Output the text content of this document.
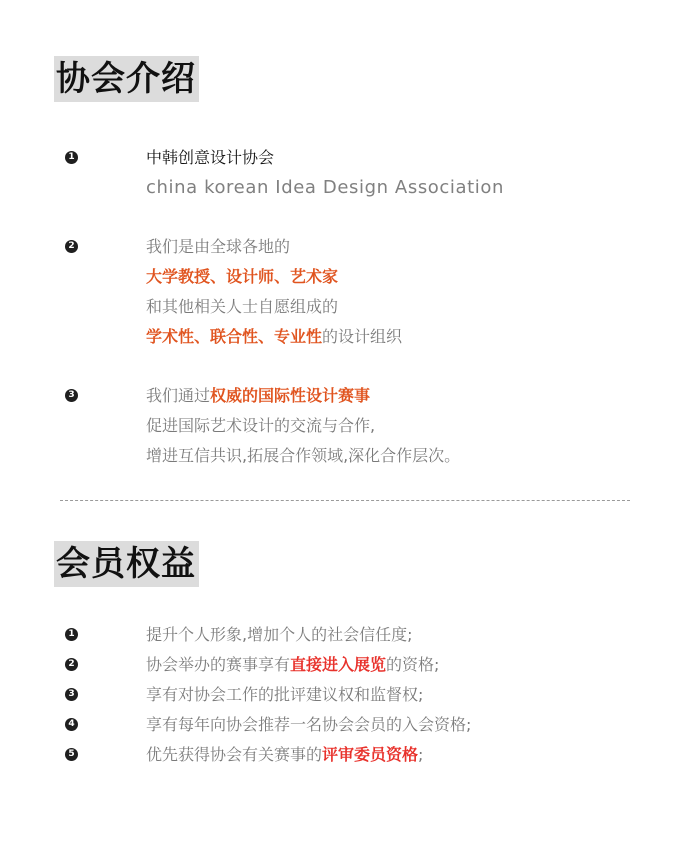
协会介绍
1	中韩创意设计协会
china korean Idea Design Association
2	我们是由全球各地的
大学教授、设计师、艺术家
和其他相关人士自愿组成的
学术性、联合性、专业性的设计组织
3	我们通过权威的国际性设计赛事
促进国际艺术设计的交流与合作,
增进互信共识,拓展合作领域,深化合作层次。
会员权益
1	提升个人形象,增加个人的社会信任度;
2	协会举办的赛事享有直接进入展览的资格;
3	享有对协会工作的批评建议权和监督权;
4	享有每年向协会推荐一名协会会员的入会资格;
5	优先获得协会有关赛事的评审委员资格;
